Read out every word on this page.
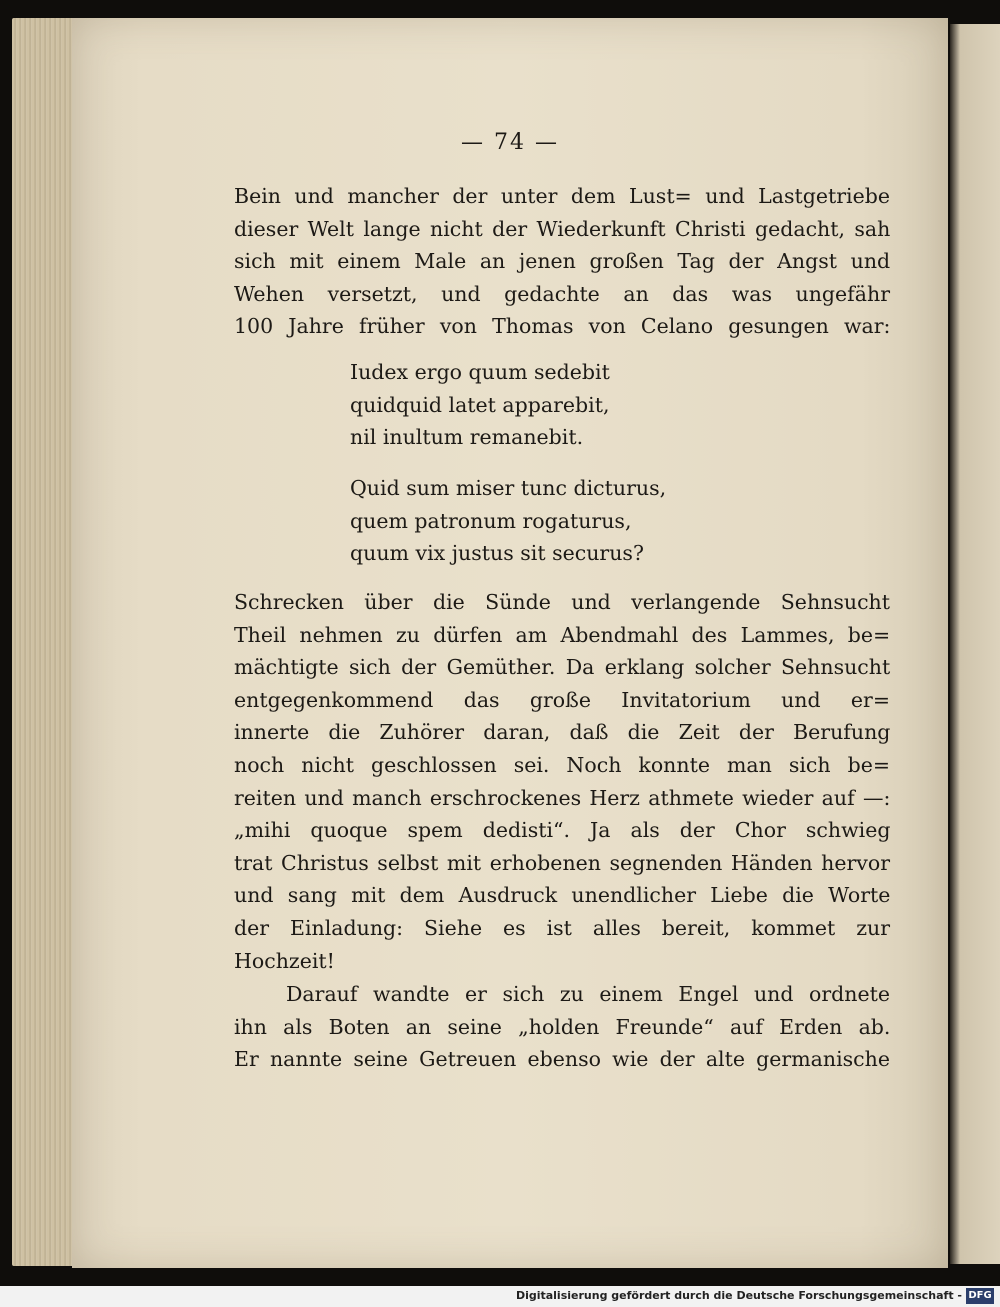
— 74 —
Bein und mancher der unter dem Lust= und Lastgetriebe
dieser Welt lange nicht der Wiederkunft Christi gedacht, sah
sich mit einem Male an jenen großen Tag der Angst und
Wehen versetzt, und gedachte an das was ungefähr
100 Jahre früher von Thomas von Celano gesungen war:
Iudex ergo quum sedebit
quidquid latet apparebit,
nil inultum remanebit.
Quid sum miser tunc dicturus,
quem patronum rogaturus,
quum vix justus sit securus?
Schrecken über die Sünde und verlangende Sehnsucht
Theil nehmen zu dürfen am Abendmahl des Lammes, be=
mächtigte sich der Gemüther. Da erklang solcher Sehnsucht
entgegenkommend das große Invitatorium und er=
innerte die Zuhörer daran, daß die Zeit der Berufung
noch nicht geschlossen sei. Noch konnte man sich be=
reiten und manch erschrockenes Herz athmete wieder auf —:
„mihi quoque spem dedisti“. Ja als der Chor schwieg
trat Christus selbst mit erhobenen segnenden Händen hervor
und sang mit dem Ausdruck unendlicher Liebe die Worte
der Einladung: Siehe es ist alles bereit, kommet zur
Hochzeit!
Darauf wandte er sich zu einem Engel und ordnete
ihn als Boten an seine „holden Freunde“ auf Erden ab.
Er nannte seine Getreuen ebenso wie der alte germanische
Digitalisierung gefördert durch die Deutsche Forschungsgemeinschaft - DFG
